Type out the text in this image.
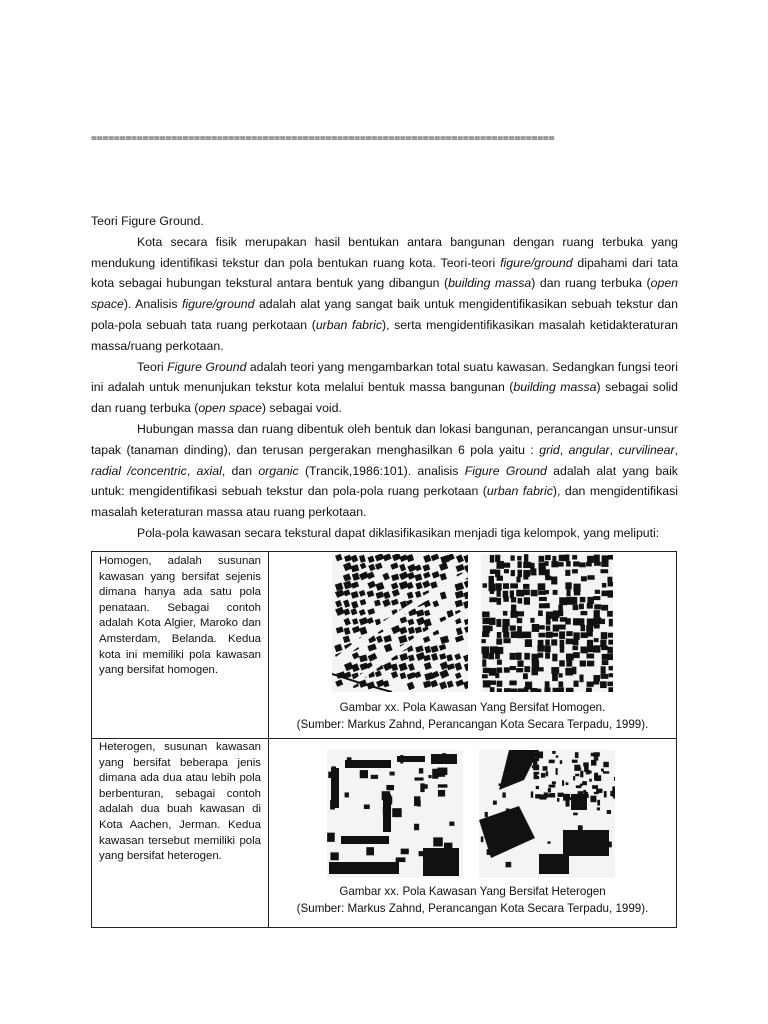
=================================================================================

Teori Figure Ground.

Kota secara fisik merupakan hasil bentukan antara bangunan dengan ruang terbuka yang mendukung identifikasi tekstur dan pola bentukan ruang kota. Teori-teori figure/ground dipahami dari tata kota sebagai hubungan tekstural antara bentuk yang dibangun (building massa) dan ruang terbuka (open space). Analisis figure/ground adalah alat yang sangat baik untuk mengidentifikasikan sebuah tekstur dan pola-pola sebuah tata ruang perkotaan (urban fabric), serta mengidentifikasikan masalah ketidakteraturan massa/ruang perkotaan.

Teori Figure Ground adalah teori yang mengambarkan total suatu kawasan. Sedangkan fungsi teori ini adalah untuk menunjukan tekstur kota melalui bentuk massa bangunan (building massa) sebagai solid dan ruang terbuka (open space) sebagai void.

Hubungan massa dan ruang dibentuk oleh bentuk dan lokasi bangunan, perancangan unsur-unsur tapak (tanaman dinding), dan terusan pergerakan menghasilkan 6 pola yaitu : grid, angular, curvilinear, radial /concentric, axial, dan organic (Trancik,1986:101). analisis Figure Ground adalah alat yang baik untuk: mengidentifikasi sebuah tekstur dan pola-pola ruang perkotaan (urban fabric), dan mengidentifikasi masalah keteraturan massa atau ruang perkotaan.

Pola-pola kawasan secara tekstural dapat diklasifikasikan menjadi tiga kelompok, yang meliputi:

Homogen, adalah susunan kawasan yang bersifat sejenis dimana hanya ada satu pola penataan. Sebagai contoh adalah Kota Algier, Maroko dan Amsterdam, Belanda. Kedua kota ini memiliki pola kawasan yang bersifat homogen.

Gambar xx. Pola Kawasan Yang Bersifat Homogen.
(Sumber: Markus Zahnd, Perancangan Kota Secara Terpadu, 1999).

Heterogen, susunan kawasan yang bersifat beberapa jenis dimana ada dua atau lebih pola berbenturan, sebagai contoh adalah dua buah kawasan di Kota Aachen, Jerman. Kedua kawasan tersebut memiliki pola yang bersifat heterogen.

Gambar xx. Pola Kawasan Yang Bersifat Heterogen
(Sumber: Markus Zahnd, Perancangan Kota Secara Terpadu, 1999).
